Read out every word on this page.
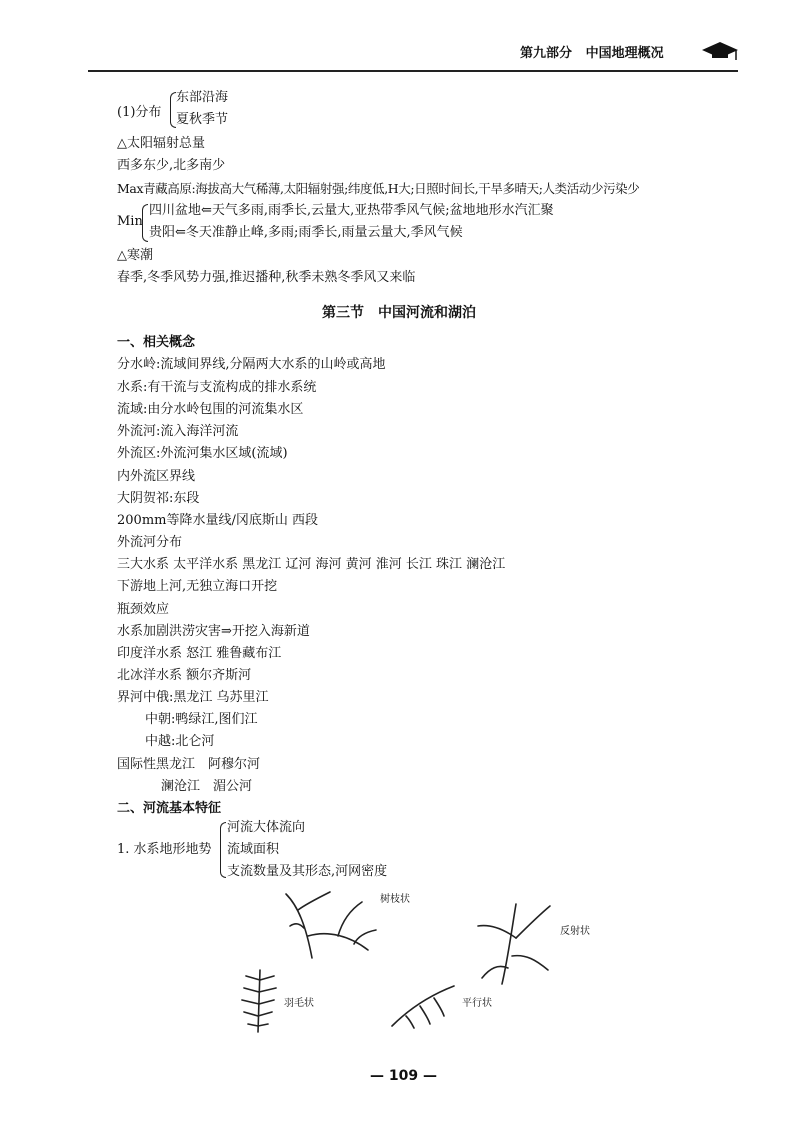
第九部分 中国地理概况
(1)分布
东部沿海
夏秋季节
△太阳辐射总量
西多东少,北多南少
Max青藏高原:海拔高大气稀薄,太阳辐射强;纬度低,H大;日照时间长,干旱多晴天;人类活动少污染少
Min
四川盆地⇐天气多雨,雨季长,云量大,亚热带季风气候;盆地地形水汽汇聚
贵阳⇐冬天准静止峰,多雨;雨季长,雨量云量大,季风气候
△寒潮
春季,冬季风势力强,推迟播种,秋季未熟冬季风又来临
第三节　中国河流和湖泊
一、相关概念
分水岭:流域间界线,分隔两大水系的山岭或高地
水系:有干流与支流构成的排水系统
流域:由分水岭包围的河流集水区
外流河:流入海洋河流
外流区:外流河集水区域(流域)
内外流区界线
大阴贺祁:东段
200mm等降水量线/冈底斯山 西段
外流河分布
三大水系 太平洋水系 黑龙江 辽河 海河 黄河 淮河 长江 珠江 澜沧江
下游地上河,无独立海口开挖
瓶颈效应
水系加剧洪涝灾害⇒开挖入海新道
印度洋水系 怒江 雅鲁藏布江
北冰洋水系 额尔齐斯河
界河中俄:黑龙江 乌苏里江
中朝:鸭绿江,图们江
中越:北仑河
国际性黑龙江　阿穆尔河
澜沧江　湄公河
二、河流基本特征
1. 水系地形地势
河流大体流向
流域面积
支流数量及其形态,河网密度
树枝状
反射状
羽毛状	平行状
— 109 —
